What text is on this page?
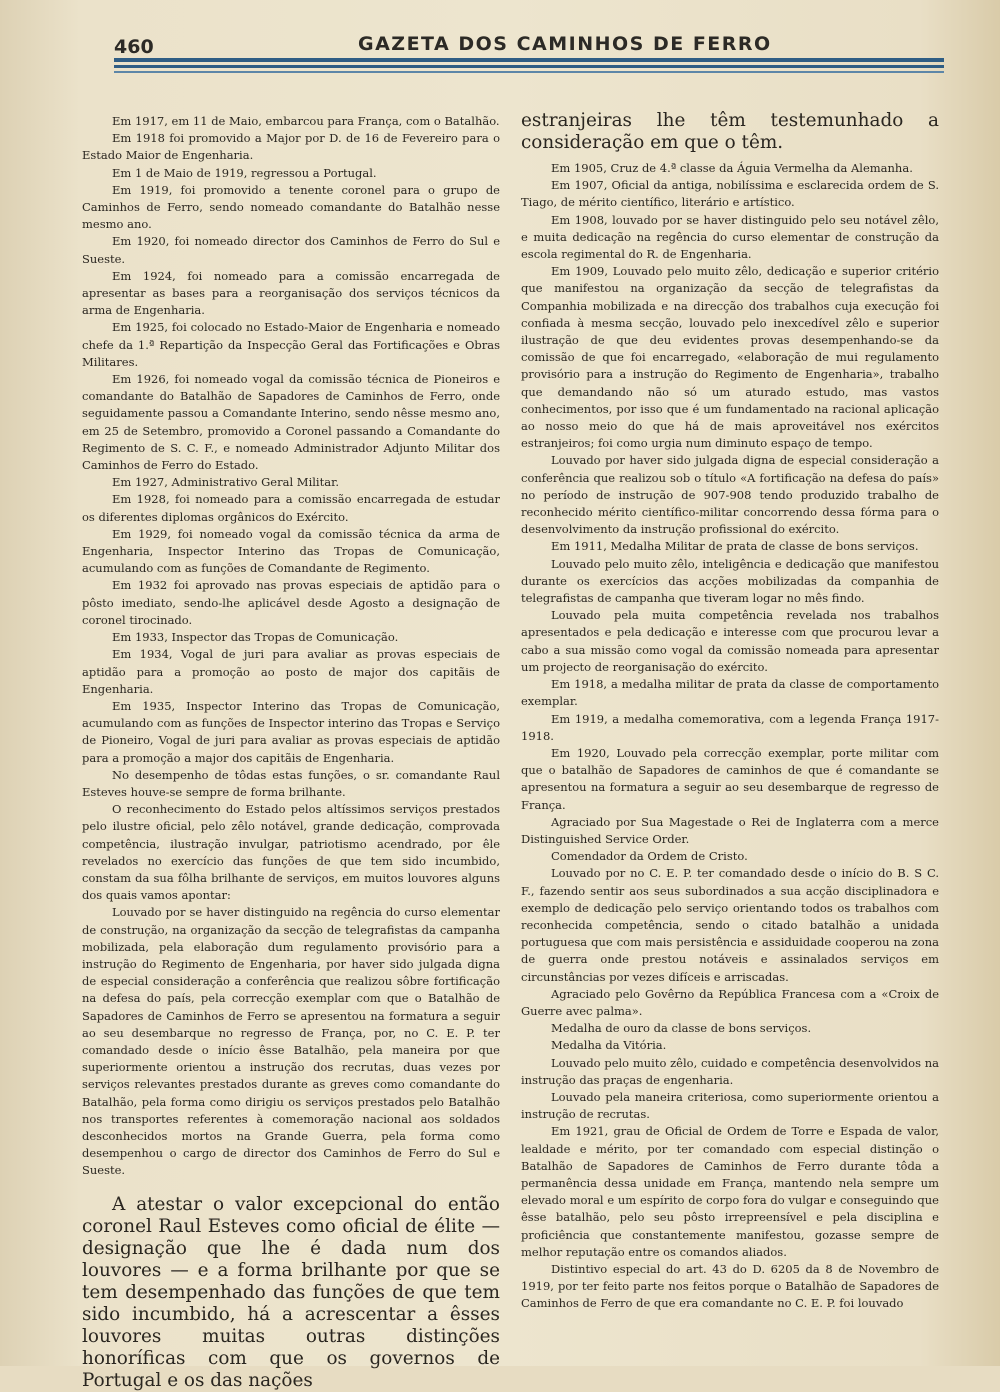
460	GAZETA DOS CAMINHOS DE FERRO

Em 1917, em 11 de Maio, embarcou para França, com o Batalhão.

Em 1918 foi promovido a Major por D. de 16 de Fevereiro para o Estado Maior de Engenharia.

Em 1 de Maio de 1919, regressou a Portugal.

Em 1919, foi promovido a tenente coronel para o grupo de Caminhos de Ferro, sendo nomeado comandante do Batalhão nesse mesmo ano.

Em 1920, foi nomeado director dos Caminhos de Ferro do Sul e Sueste.

Em 1924, foi nomeado para a comissão encarregada de apresentar as bases para a reorganisação dos serviços técnicos da arma de Engenharia.

Em 1925, foi colocado no Estado-Maior de Engenharia e nomeado chefe da 1.ª Repartição da Inspecção Geral das Fortificações e Obras Militares.

Em 1926, foi nomeado vogal da comissão técnica de Pioneiros e comandante do Batalhão de Sapadores de Caminhos de Ferro, onde seguidamente passou a Comandante Interino, sendo nêsse mesmo ano, em 25 de Setembro, promovido a Coronel passando a Comandante do Regimento de S. C. F., e nomeado Administrador Adjunto Militar dos Caminhos de Ferro do Estado.

Em 1927, Administrativo Geral Militar.

Em 1928, foi nomeado para a comissão encarregada de estudar os diferentes diplomas orgânicos do Exército.

Em 1929, foi nomeado vogal da comissão técnica da arma de Engenharia, Inspector Interino das Tropas de Comunicação, acumulando com as funções de Comandante de Regimento.

Em 1932 foi aprovado nas provas especiais de aptidão para o pôsto imediato, sendo-lhe aplicável desde Agosto a designação de coronel tirocinado.

Em 1933, Inspector das Tropas de Comunicação.

Em 1934, Vogal de juri para avaliar as provas especiais de aptidão para a promoção ao posto de major dos capitãis de Engenharia.

Em 1935, Inspector Interino das Tropas de Comunicação, acumulando com as funções de Inspector interino das Tropas e Serviço de Pioneiro, Vogal de juri para avaliar as provas especiais de aptidão para a promoção a major dos capitãis de Engenharia.

No desempenho de tôdas estas funções, o sr. comandante Raul Esteves houve-se sempre de forma brilhante.

O reconhecimento do Estado pelos altíssimos serviços prestados pelo ilustre oficial, pelo zêlo notável, grande dedicação, comprovada competência, ilustração invulgar, patriotismo acendrado, por êle revelados no exercício das funções de que tem sido incumbido, constam da sua fôlha brilhante de serviços, em muitos louvores alguns dos quais vamos apontar:

Louvado por se haver distinguido na regência do curso elementar de construção, na organização da secção de telegrafistas da campanha mobilizada, pela elaboração dum regulamento provisório para a instrução do Regimento de Engenharia, por haver sido julgada digna de especial consideração a conferência que realizou sôbre fortificação na defesa do país, pela correcção exemplar com que o Batalhão de Sapadores de Caminhos de Ferro se apresentou na formatura a seguir ao seu desembarque no regresso de França, por, no C. E. P. ter comandado desde o início êsse Batalhão, pela maneira por que superiormente orientou a instrução dos recrutas, duas vezes por serviços relevantes prestados durante as greves como comandante do Batalhão, pela forma como dirigiu os serviços prestados pelo Batalhão nos transportes referentes à comemoração nacional aos soldados desconhecidos mortos na Grande Guerra, pela forma como desempenhou o cargo de director dos Caminhos de Ferro do Sul e Sueste.

A atestar o valor excepcional do então coronel Raul Esteves como oficial de élite — designação que lhe é dada num dos louvores — e a forma brilhante por que se tem desempenhado das funções de que tem sido incumbido, há a acrescentar a êsses louvores muitas outras distinções honoríficas com que os governos de Portugal e os das nações

estranjeiras lhe têm testemunhado a consideração em que o têm.

Em 1905, Cruz de 4.ª classe da Águia Vermelha da Alemanha.

Em 1907, Oficial da antiga, nobilíssima e esclarecida ordem de S. Tiago, de mérito científico, literário e artístico.

Em 1908, louvado por se haver distinguido pelo seu notável zêlo, e muita dedicação na regência do curso elementar de construção da escola regimental do R. de Engenharia.

Em 1909, Louvado pelo muito zêlo, dedicação e superior critério que manifestou na organização da secção de telegrafistas da Companhia mobilizada e na direcção dos trabalhos cuja execução foi confiada à mesma secção, louvado pelo inexcedível zêlo e superior ilustração de que deu evidentes provas desempenhando-se da comissão de que foi encarregado, «elaboração de mui regulamento provisório para a instrução do Regimento de Engenharia», trabalho que demandando não só um aturado estudo, mas vastos conhecimentos, por isso que é um fundamentado na racional aplicação ao nosso meio do que há de mais aproveitável nos exércitos estranjeiros; foi como urgia num diminuto espaço de tempo.

Louvado por haver sido julgada digna de especial consideração a conferência que realizou sob o título «A fortificação na defesa do país» no período de instrução de 907-908 tendo produzido trabalho de reconhecido mérito científico-militar concorrendo dessa fórma para o desenvolvimento da instrução profissional do exército.

Em 1911, Medalha Militar de prata de classe de bons serviços.

Louvado pelo muito zêlo, inteligência e dedicação que manifestou durante os exercícios das acções mobilizadas da companhia de telegrafistas de campanha que tiveram logar no mês findo.

Louvado pela muita competência revelada nos trabalhos apresentados e pela dedicação e interesse com que procurou levar a cabo a sua missão como vogal da comissão nomeada para apresentar um projecto de reorganisação do exército.

Em 1918, a medalha militar de prata da classe de comportamento exemplar.

Em 1919, a medalha comemorativa, com a legenda França 1917-1918.

Em 1920, Louvado pela correcção exemplar, porte militar com que o batalhão de Sapadores de caminhos de que é comandante se apresentou na formatura a seguir ao seu desembarque de regresso de França.

Agraciado por Sua Magestade o Rei de Inglaterra com a merce Distinguished Service Order.

Comendador da Ordem de Cristo.

Louvado por no C. E. P. ter comandado desde o início do B. S C. F., fazendo sentir aos seus subordinados a sua acção disciplinadora e exemplo de dedicação pelo serviço orientando todos os trabalhos com reconhecida competência, sendo o citado batalhão a unidada portuguesa que com mais persistência e assiduidade cooperou na zona de guerra onde prestou notáveis e assinalados serviços em circunstâncias por vezes difíceis e arriscadas.

Agraciado pelo Govêrno da República Francesa com a «Croix de Guerre avec palma».

Medalha de ouro da classe de bons serviços.

Medalha da Vitória.

Louvado pelo muito zêlo, cuidado e competência desenvolvidos na instrução das praças de engenharia.

Louvado pela maneira criteriosa, como superiormente orientou a instrução de recrutas.

Em 1921, grau de Oficial de Ordem de Torre e Espada de valor, lealdade e mérito, por ter comandado com especial distinção o Batalhão de Sapadores de Caminhos de Ferro durante tôda a permanência dessa unidade em França, mantendo nela sempre um elevado moral e um espírito de corpo fora do vulgar e conseguindo que êsse batalhão, pelo seu pôsto irrepreensível e pela disciplina e proficiência que constantemente manifestou, gozasse sempre de melhor reputação entre os comandos aliados.

Distintivo especial do art. 43 do D. 6205 da 8 de Novembro de 1919, por ter feito parte nos feitos porque o Batalhão de Sapadores de Caminhos de Ferro de que era comandante no C. E. P. foi louvado
